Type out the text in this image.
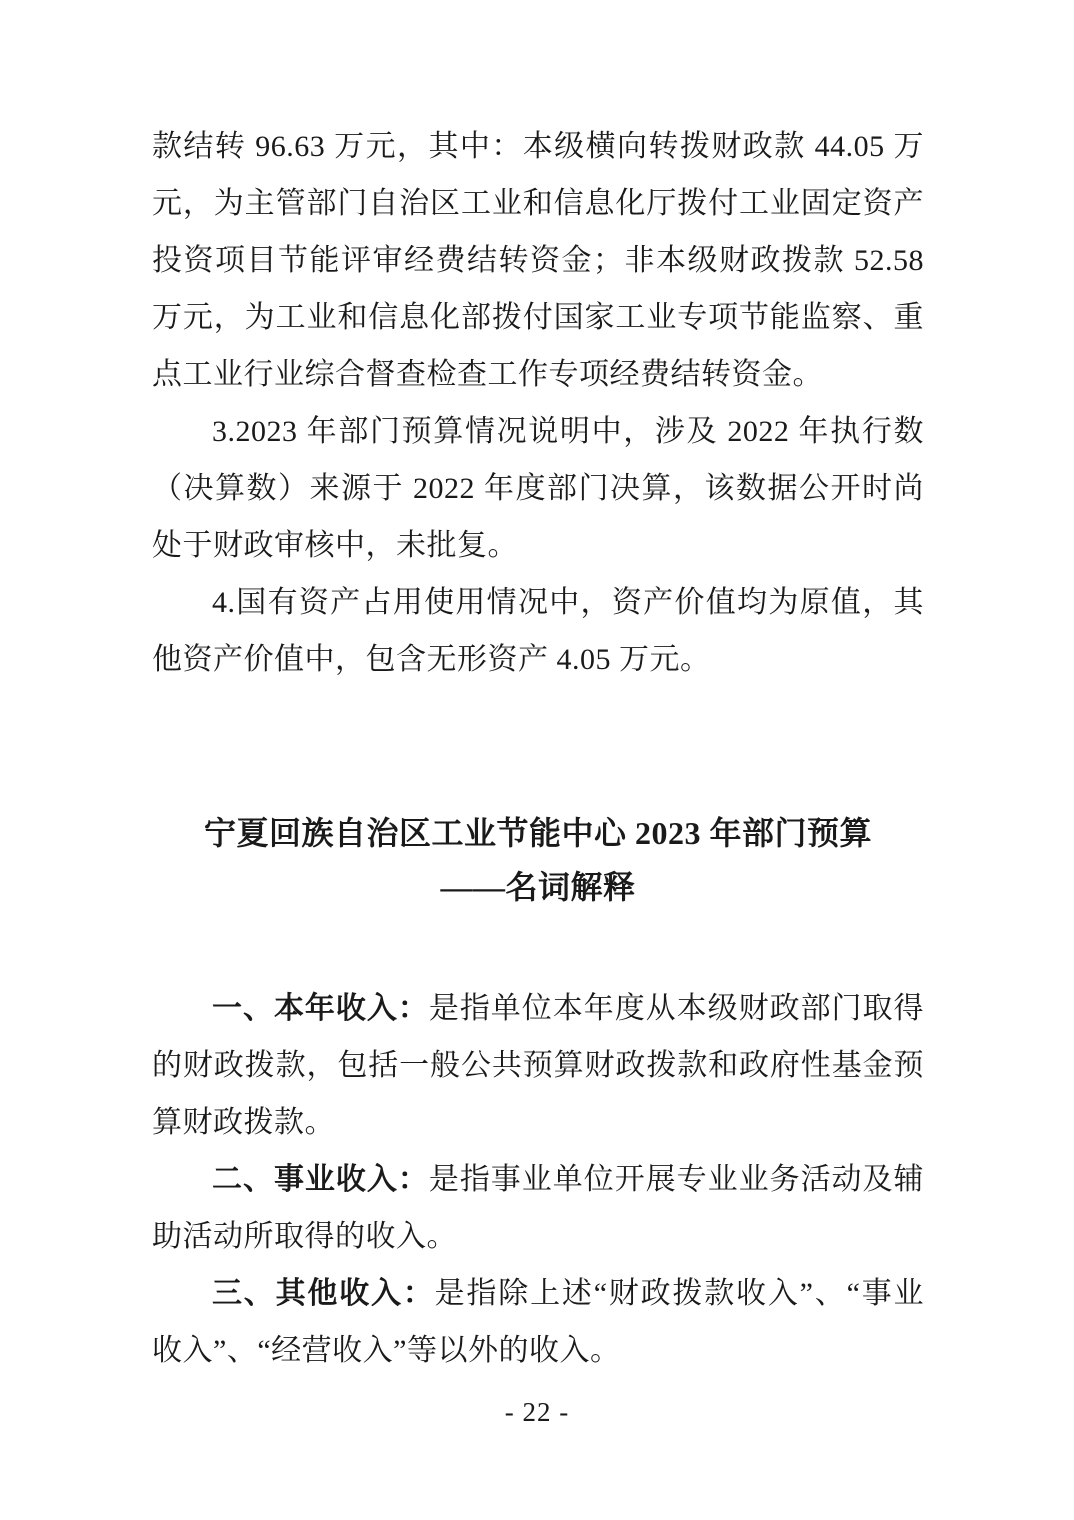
款结转 96.63 万元，其中：本级横向转拨财政款 44.05 万元，为主管部门自治区工业和信息化厅拨付工业固定资产投资项目节能评审经费结转资金；非本级财政拨款 52.58 万元，为工业和信息化部拨付国家工业专项节能监察、重点工业行业综合督查检查工作专项经费结转资金。

3.2023 年部门预算情况说明中，涉及 2022 年执行数（决算数）来源于 2022 年度部门决算，该数据公开时尚处于财政审核中，未批复。

4.国有资产占用使用情况中，资产价值均为原值，其他资产价值中，包含无形资产 4.05 万元。

宁夏回族自治区工业节能中心 2023 年部门预算
——名词解释

一、本年收入：是指单位本年度从本级财政部门取得的财政拨款，包括一般公共预算财政拨款和政府性基金预算财政拨款。

二、事业收入：是指事业单位开展专业业务活动及辅助活动所取得的收入。

三、其他收入：是指除上述“财政拨款收入”、“事业收入”、“经营收入”等以外的收入。

- 22 -
